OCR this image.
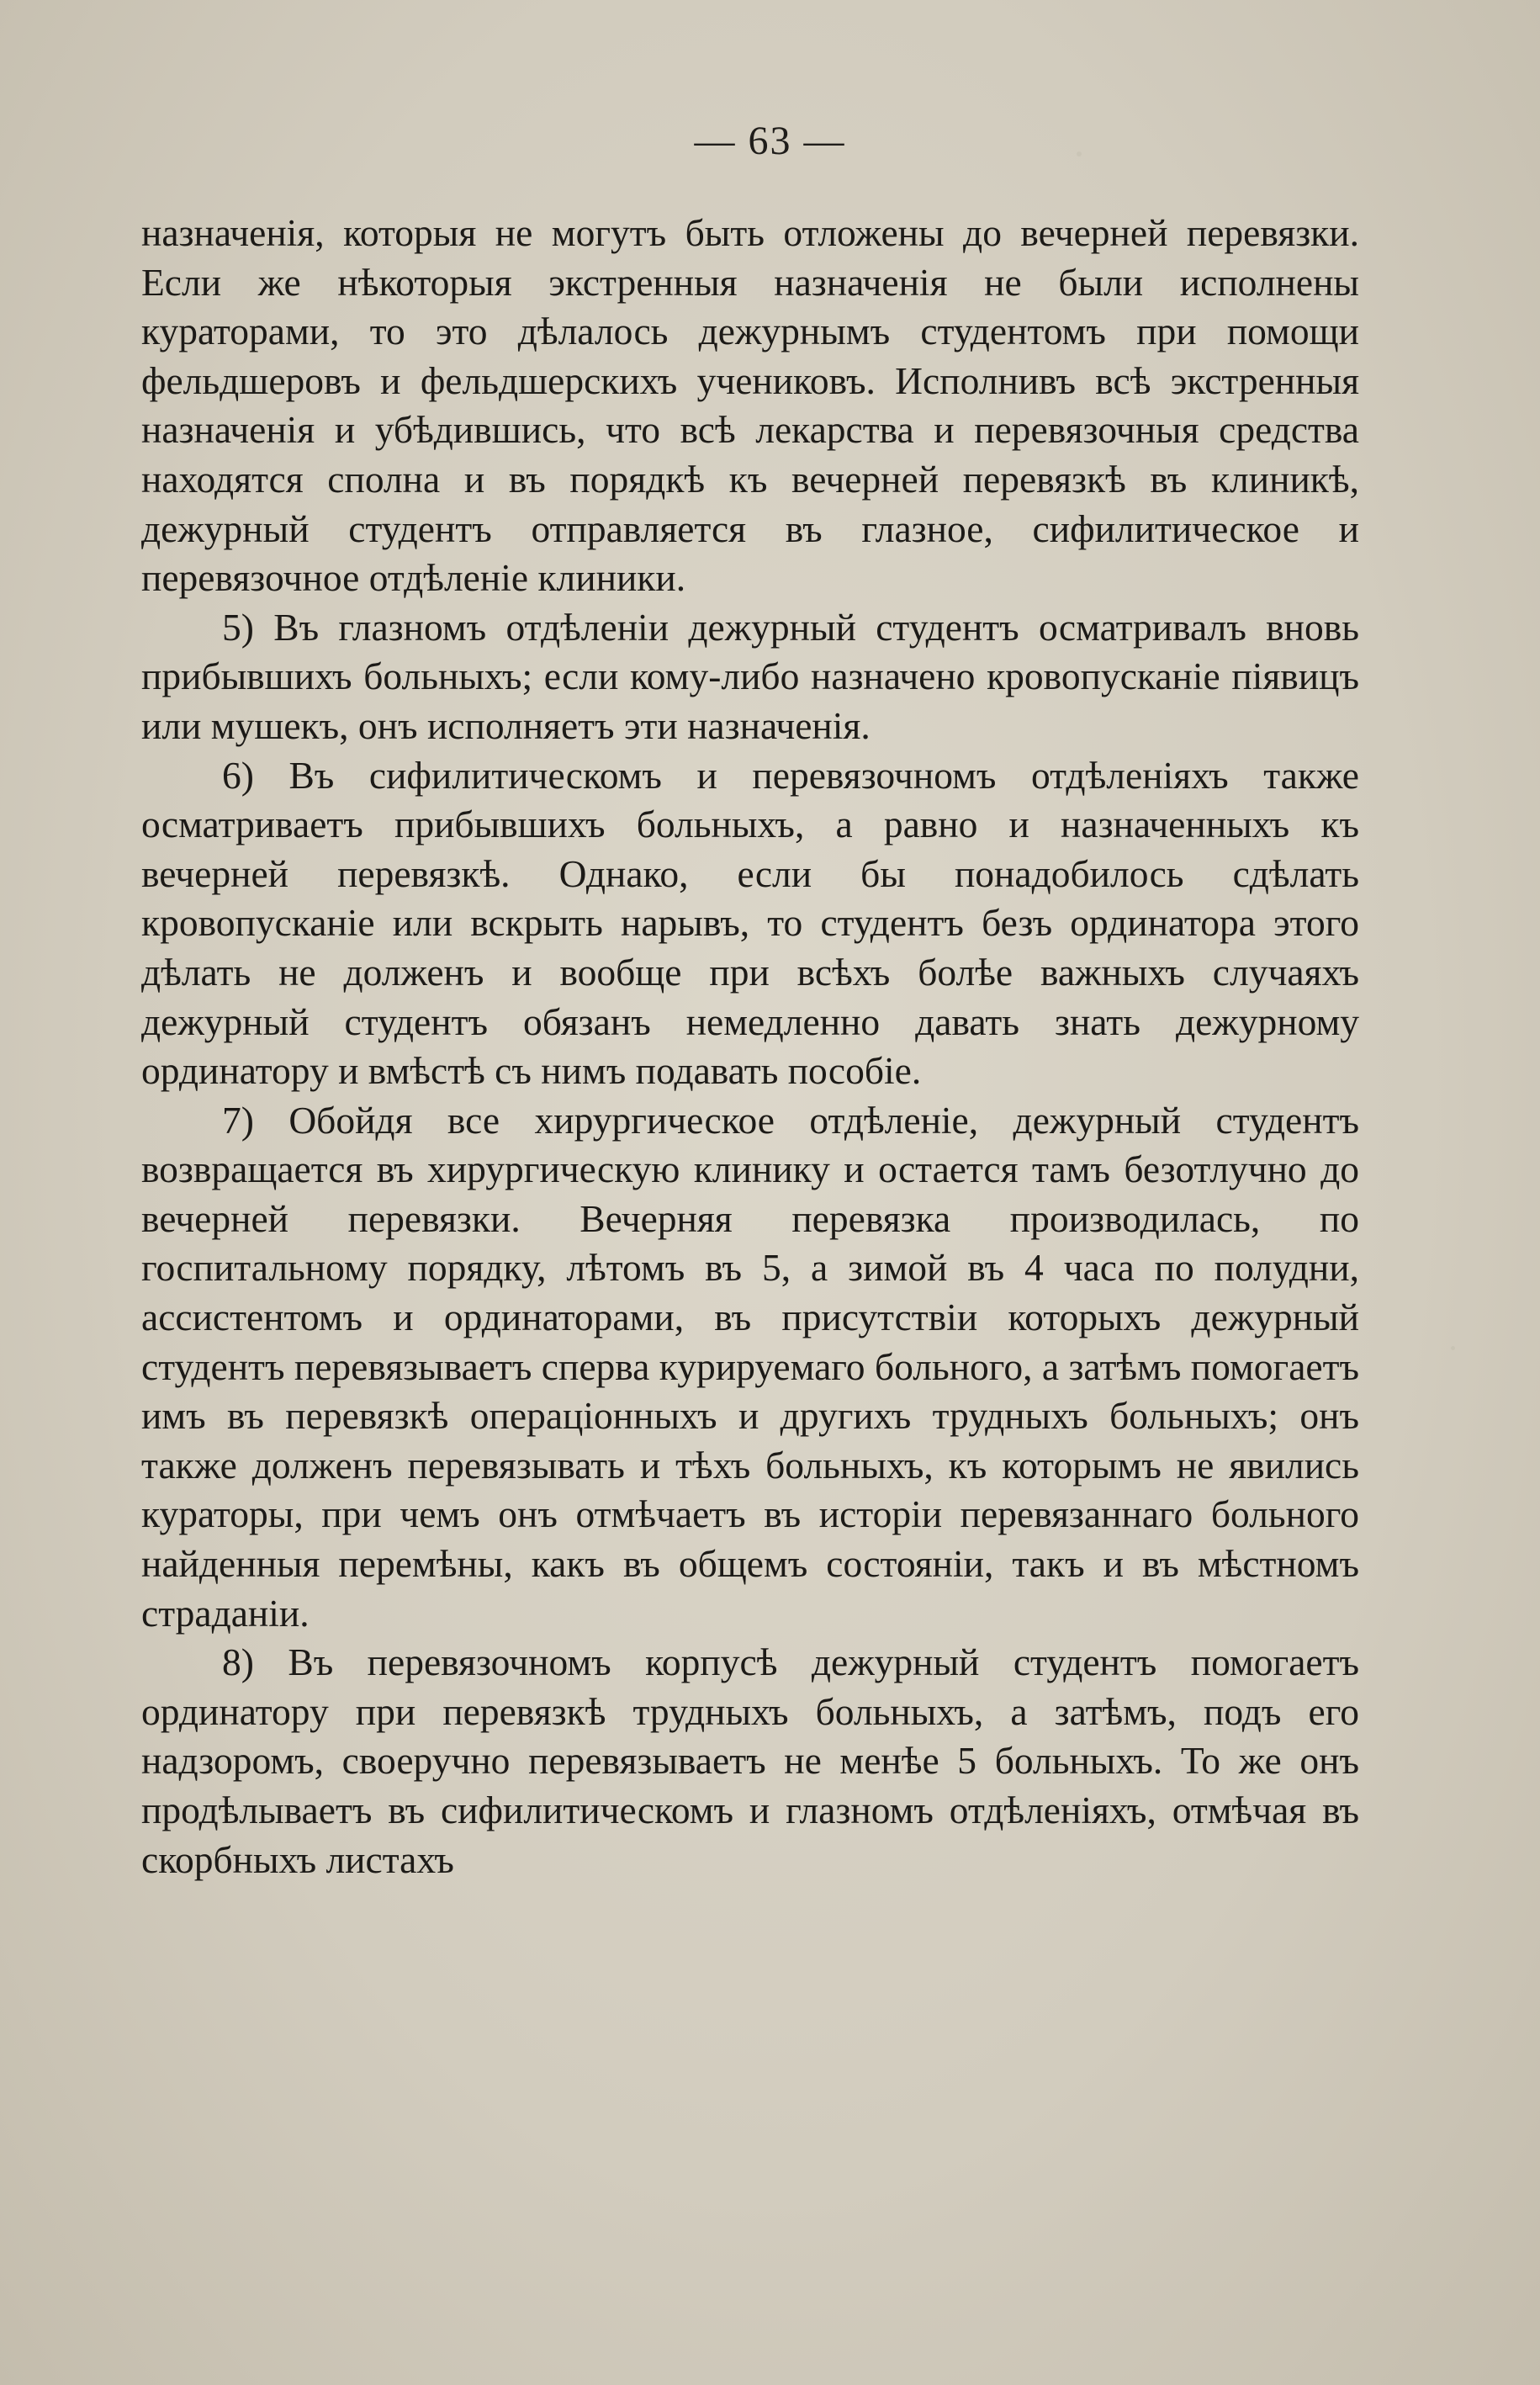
— 63 —

назначенія, которыя не могутъ быть отложены до вечерней перевязки. Если же нѣкоторыя экстренныя назначенія не были исполнены кураторами, то это дѣлалось дежурнымъ студентомъ при помощи фельдшеровъ и фельдшерскихъ учениковъ. Исполнивъ всѣ экстренныя назначенія и убѣдившись, что всѣ лекарства и перевязочныя средства находятся сполна и въ порядкѣ къ вечерней перевязкѣ въ клиникѣ, дежурный студентъ отправляется въ глазное, сифилитическое и перевязочное отдѣленіе клиники.

5) Въ глазномъ отдѣленіи дежурный студентъ осматривалъ вновь прибывшихъ больныхъ; если кому-либо назначено кровопусканіе піявицъ или мушекъ, онъ исполняетъ эти назначенія.

6) Въ сифилитическомъ и перевязочномъ отдѣленіяхъ также осматриваетъ прибывшихъ больныхъ, а равно и назначенныхъ къ вечерней перевязкѣ. Однако, если бы понадобилось сдѣлать кровопусканіе или вскрыть нарывъ, то студентъ безъ ординатора этого дѣлать не долженъ и вообще при всѣхъ болѣе важныхъ случаяхъ дежурный студентъ обязанъ немедленно давать знать дежурному ординатору и вмѣстѣ съ нимъ подавать пособіе.

7) Обойдя все хирургическое отдѣленіе, дежурный студентъ возвращается въ хирургическую клинику и остается тамъ безотлучно до вечерней перевязки. Вечерняя перевязка производилась, по госпитальному порядку, лѣтомъ въ 5, а зимой въ 4 часа по полудни, ассистентомъ и ординаторами, въ присутствіи которыхъ дежурный студентъ перевязываетъ сперва курируемаго больного, а затѣмъ помогаетъ имъ въ перевязкѣ операціонныхъ и другихъ трудныхъ больныхъ; онъ также долженъ перевязывать и тѣхъ больныхъ, къ которымъ не явились кураторы, при чемъ онъ отмѣчаетъ въ исторіи перевязаннаго больного найденныя перемѣны, какъ въ общемъ состояніи, такъ и въ мѣстномъ страданіи.

8) Въ перевязочномъ корпусѣ дежурный студентъ помогаетъ ординатору при перевязкѣ трудныхъ больныхъ, а затѣмъ, подъ его надзоромъ, своеручно перевязываетъ не менѣе 5 больныхъ. То же онъ продѣлываетъ въ сифилитическомъ и глазномъ отдѣленіяхъ, отмѣчая въ скорбныхъ листахъ
